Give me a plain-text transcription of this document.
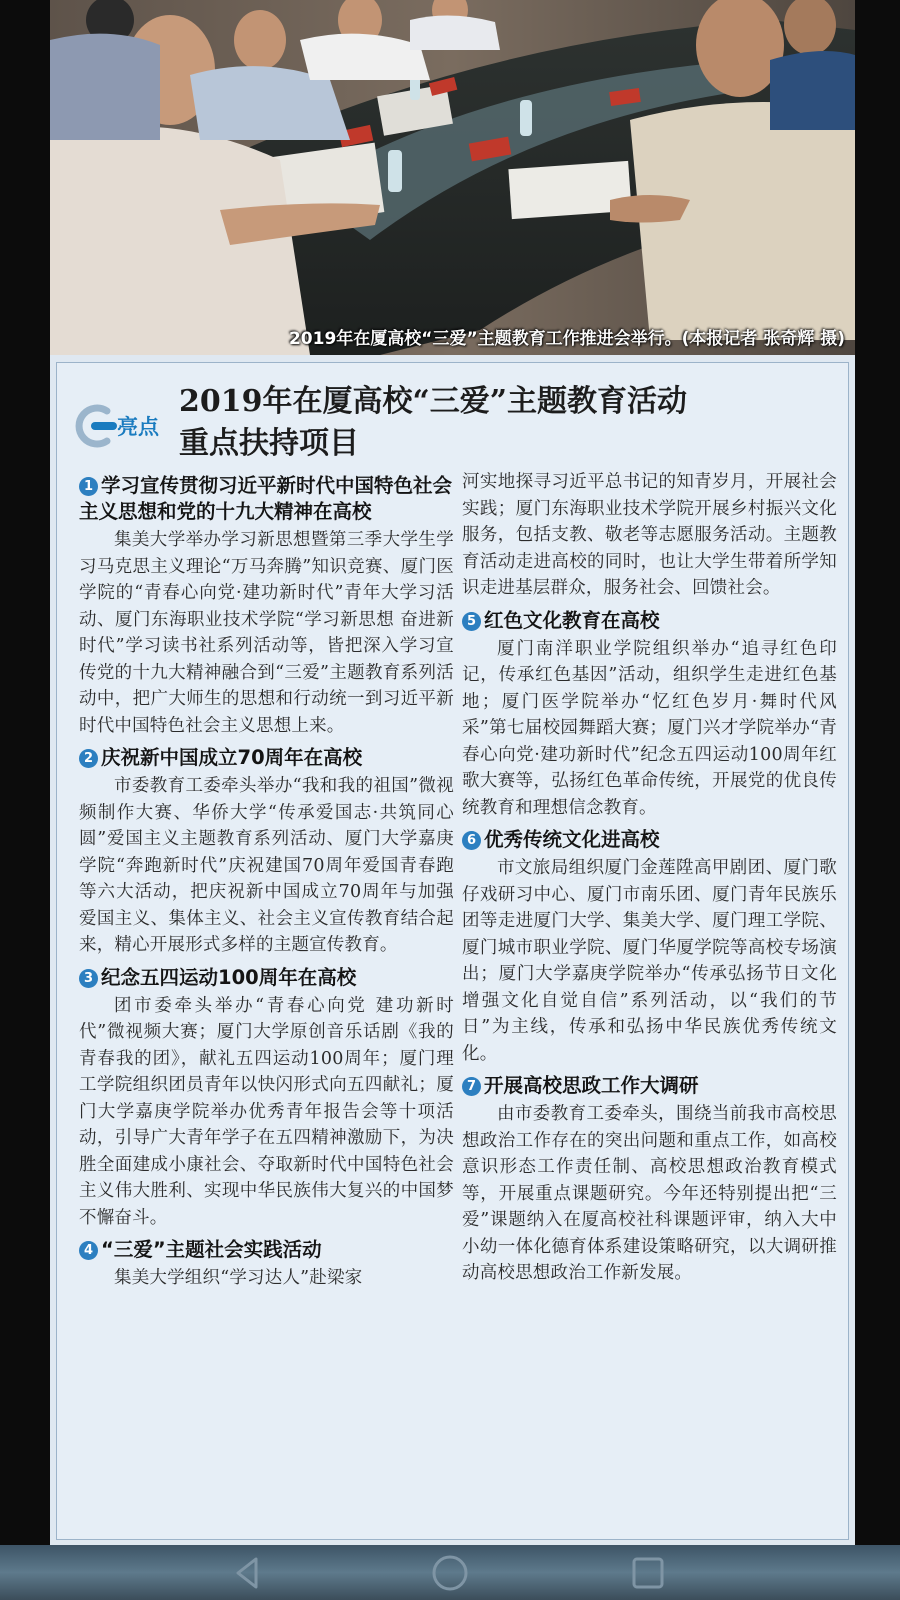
2019年在厦高校“三爱”主题教育工作推进会举行。(本报记者 张奇辉 摄)
亮点
2019年在厦高校“三爱”主题教育活动
重点扶持项目
1 学习宣传贯彻习近平新时代中国特色社会主义思想和党的十九大精神在高校

集美大学举办学习新思想暨第三季大学生学习马克思主义理论“万马奔腾”知识竞赛、厦门医学院的“青春心向党·建功新时代”青年大学习活动、厦门东海职业技术学院“学习新思想 奋进新时代”学习读书社系列活动等，皆把深入学习宣传党的十九大精神融合到“三爱”主题教育系列活动中，把广大师生的思想和行动统一到习近平新时代中国特色社会主义思想上来。

2 庆祝新中国成立70周年在高校

市委教育工委牵头举办“我和我的祖国”微视频制作大赛、华侨大学“传承爱国志·共筑同心圆”爱国主义主题教育系列活动、厦门大学嘉庚学院“奔跑新时代”庆祝建国70周年爱国青春跑等六大活动，把庆祝新中国成立70周年与加强爱国主义、集体主义、社会主义宣传教育结合起来，精心开展形式多样的主题宣传教育。

3 纪念五四运动100周年在高校

团市委牵头举办“青春心向党 建功新时代”微视频大赛；厦门大学原创音乐话剧《我的青春我的团》，献礼五四运动100周年；厦门理工学院组织团员青年以快闪形式向五四献礼；厦门大学嘉庚学院举办优秀青年报告会等十项活动，引导广大青年学子在五四精神激励下，为决胜全面建成小康社会、夺取新时代中国特色社会主义伟大胜利、实现中华民族伟大复兴的中国梦不懈奋斗。

4 “三爱”主题社会实践活动

集美大学组织“学习达人”赴梁家

河实地探寻习近平总书记的知青岁月，开展社会实践；厦门东海职业技术学院开展乡村振兴文化服务，包括支教、敬老等志愿服务活动。主题教育活动走进高校的同时，也让大学生带着所学知识走进基层群众，服务社会、回馈社会。

5 红色文化教育在高校

厦门南洋职业学院组织举办“追寻红色印记，传承红色基因”活动，组织学生走进红色基地；厦门医学院举办“忆红色岁月·舞时代风采”第七届校园舞蹈大赛；厦门兴才学院举办“青春心向党·建功新时代”纪念五四运动100周年红歌大赛等，弘扬红色革命传统，开展党的优良传统教育和理想信念教育。

6 优秀传统文化进高校

市文旅局组织厦门金莲陞高甲剧团、厦门歌仔戏研习中心、厦门市南乐团、厦门青年民族乐团等走进厦门大学、集美大学、厦门理工学院、厦门城市职业学院、厦门华厦学院等高校专场演出；厦门大学嘉庚学院举办“传承弘扬节日文化 增强文化自觉自信”系列活动，以“我们的节日”为主线，传承和弘扬中华民族优秀传统文化。

7 开展高校思政工作大调研

由市委教育工委牵头，围绕当前我市高校思想政治工作存在的突出问题和重点工作，如高校意识形态工作责任制、高校思想政治教育模式等，开展重点课题研究。今年还特别提出把“三爱”课题纳入在厦高校社科课题评审，纳入大中小幼一体化德育体系建设策略研究，以大调研推动高校思想政治工作新发展。
